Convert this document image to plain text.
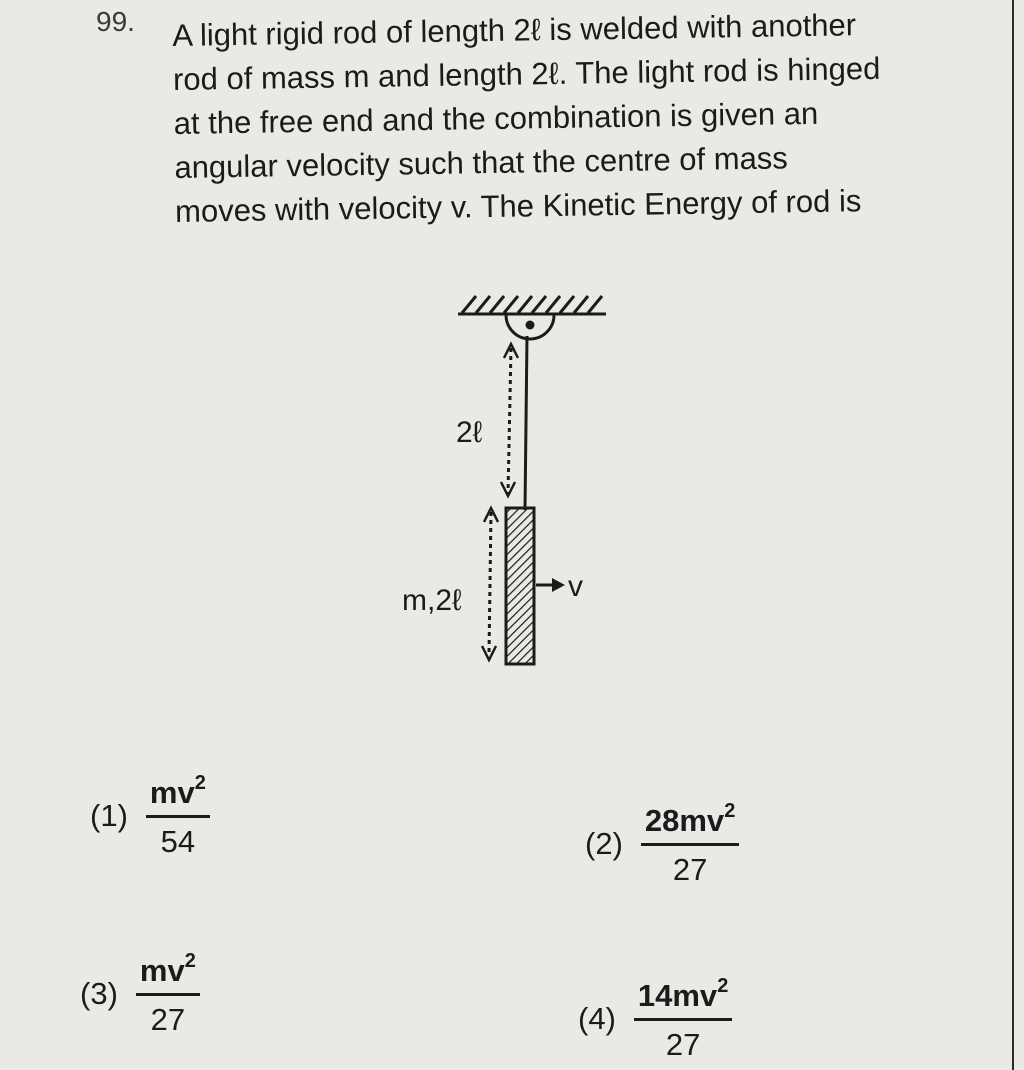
99. A light rigid rod of length 2ℓ is welded with another
rod of mass m and length 2ℓ. The light rod is hinged
at the free end and the combination is given an
angular velocity such that the centre of mass
moves with velocity v. The Kinetic Energy of rod is

2ℓ
m,2ℓ	v
$(1) \frac{mv^2}{54}$	$(2) \frac{28mv^2}{27}$
$(3) \frac{mv^2}{27}$	$(4) \frac{14mv^2}{27}$
